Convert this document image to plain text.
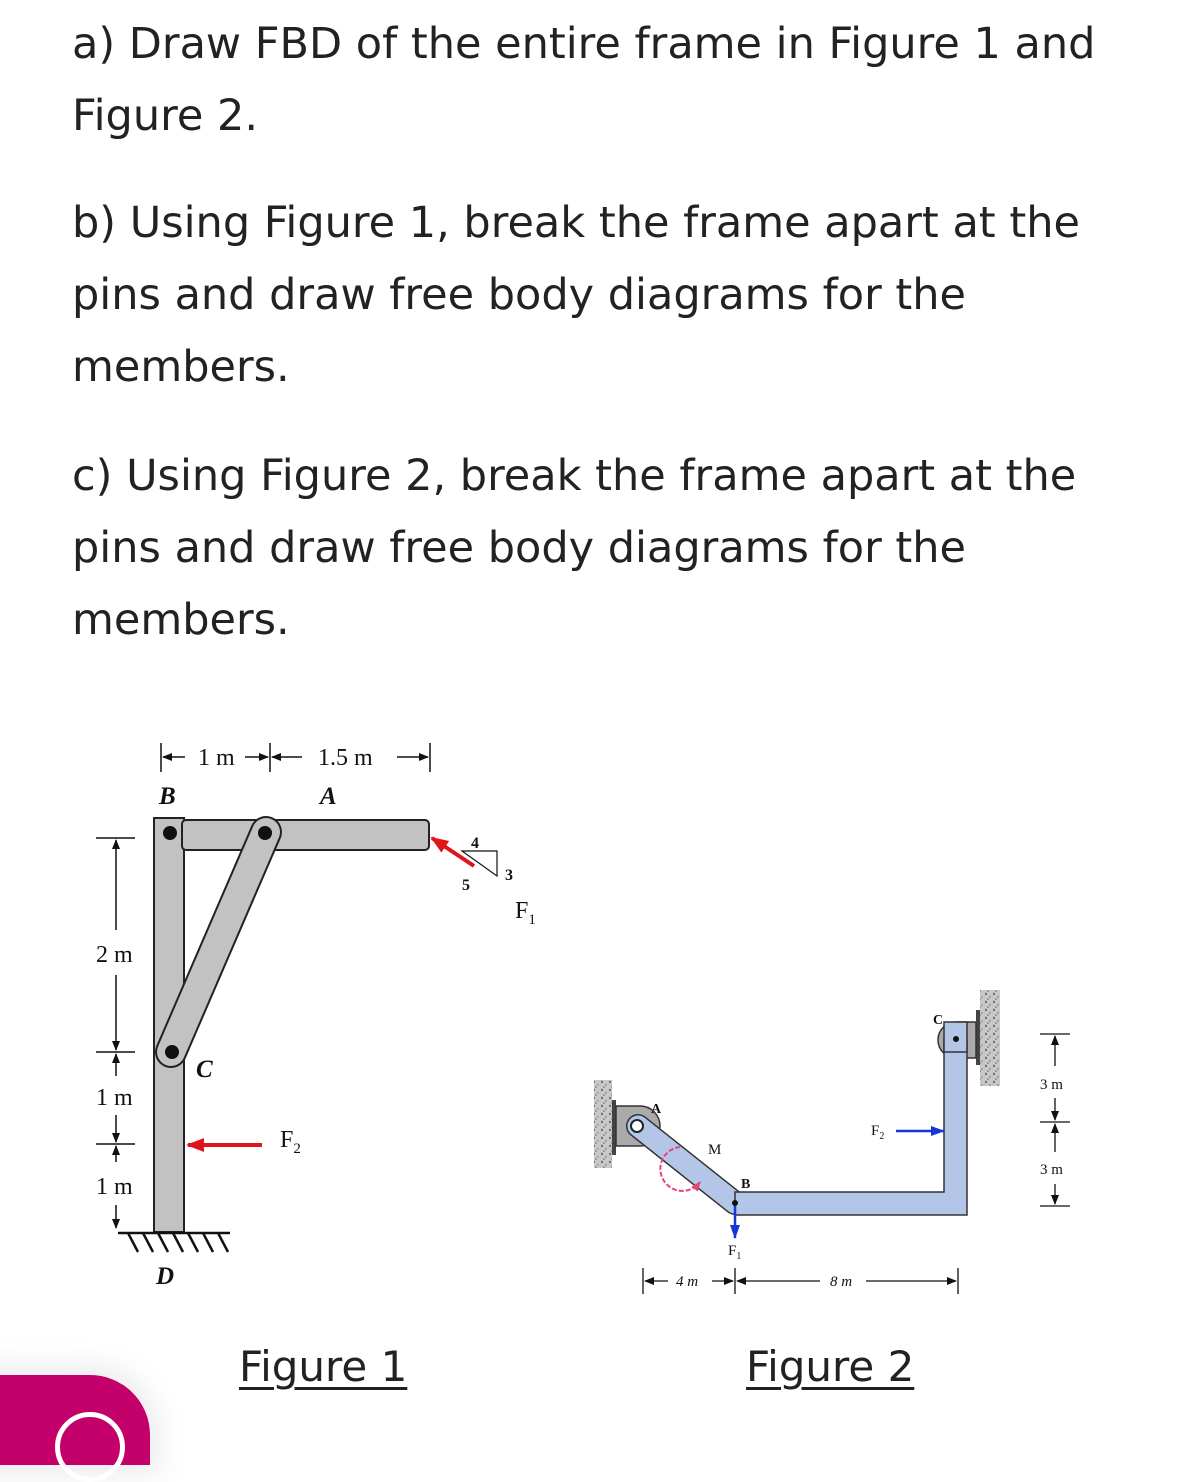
a) Draw FBD of the entire frame in Figure 1 and Figure 2.

b) Using Figure 1, break the frame apart at the pins and draw free body diagrams for the members.

c) Using Figure 2, break the frame apart at the pins and draw free body diagrams for the members.

1 m	1.5 m
B	A
2 m
1 m
1 m
C
D
4
3
5
$F_1$
$F_2$
A
C
B
M
$F_1$
$F_2$
4 m	8 m
3 m
3 m
Figure 1	Figure 2
